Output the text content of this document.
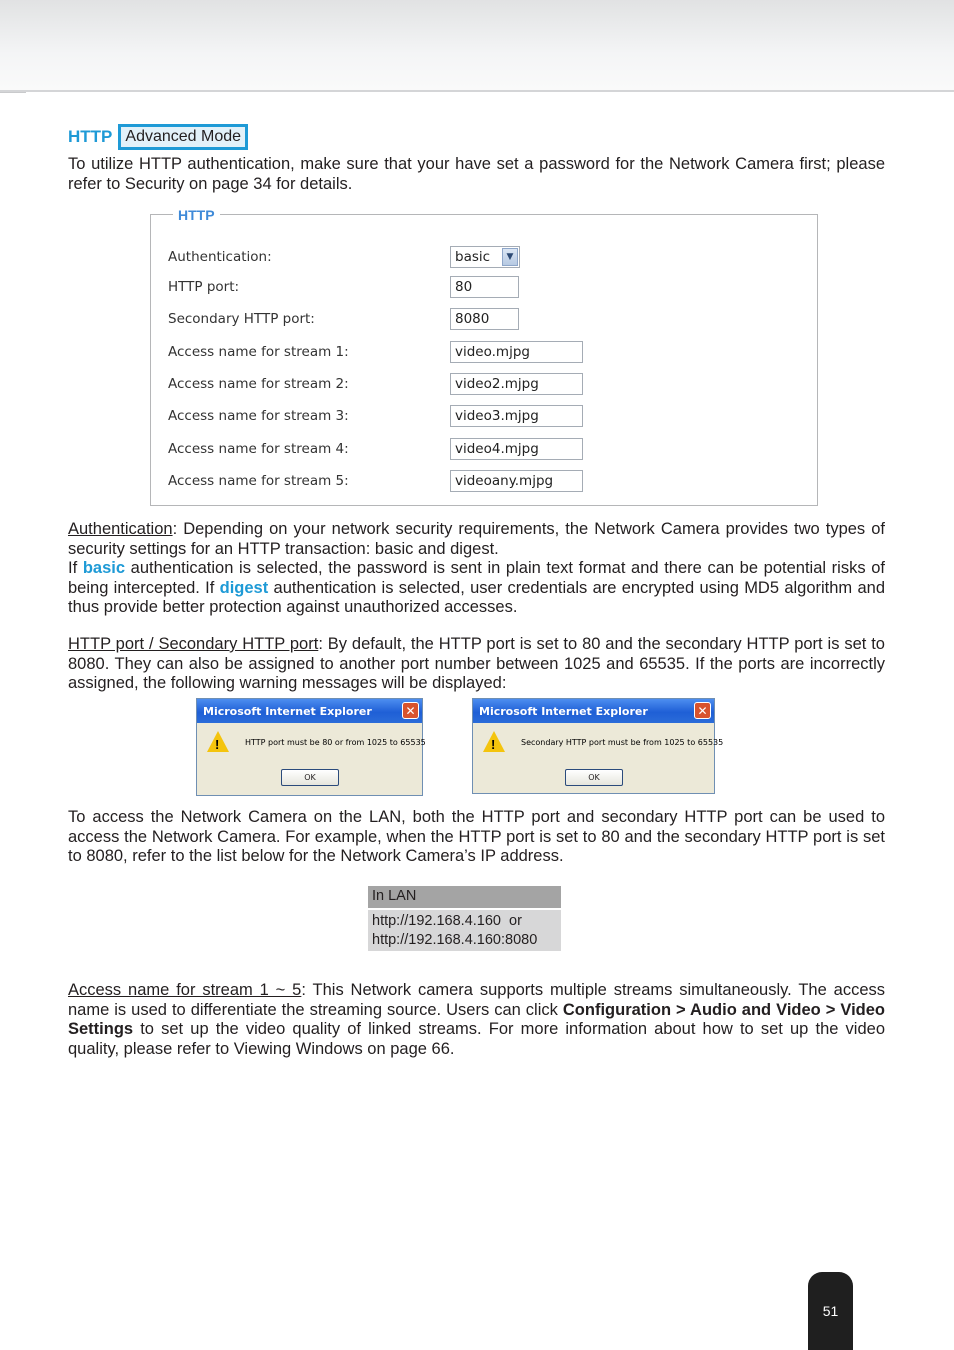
HTTP Advanced Mode

To utilize HTTP authentication, make sure that your have set a password for the Network Camera first; please refer to Security on page 34 for details.

HTTP
Authentication:	basic	▼
HTTP port:	80
Secondary HTTP port:	8080
Access name for stream 1:	video.mjpg
Access name for stream 2:	video2.mjpg
Access name for stream 3:	video3.mjpg
Access name for stream 4:	video4.mjpg
Access name for stream 5:	videoany.mjpg

Authentication: Depending on your network security requirements, the Network Camera provides two types of security settings for an HTTP transaction: basic and digest.
If basic authentication is selected, the password is sent in plain text format and there can be potential risks of being intercepted. If digest authentication is selected, user credentials are encrypted using MD5 algorithm and thus provide better protection against unauthorized accesses.

HTTP port / Secondary HTTP port: By default, the HTTP port is set to 80 and the secondary HTTP port is set to 8080. They can also be assigned to another port number between 1025 and 65535. If the ports are incorrectly assigned, the following warning messages will be displayed:

Microsoft Internet Explorer	✕
!	HTTP port must be 80 or from 1025 to 65535
OK
Microsoft Internet Explorer	✕
!	Secondary HTTP port must be from 1025 to 65535
OK

To access the Network Camera on the LAN, both the HTTP port and secondary HTTP port can be used to access the Network Camera. For example, when the HTTP port is set to 80 and the secondary HTTP port is set to 8080, refer to the list below for the Network Camera’s IP address.

In LAN
http://192.168.4.160  or
http://192.168.4.160:8080

Access name for stream 1 ~ 5: This Network camera supports multiple streams simultaneously. The access name is used to differentiate the streaming source. Users can click Configuration > Audio and Video > Video Settings to set up the video quality of linked streams. For more information about how to set up the video quality, please refer to Viewing Windows on page 66.

51
